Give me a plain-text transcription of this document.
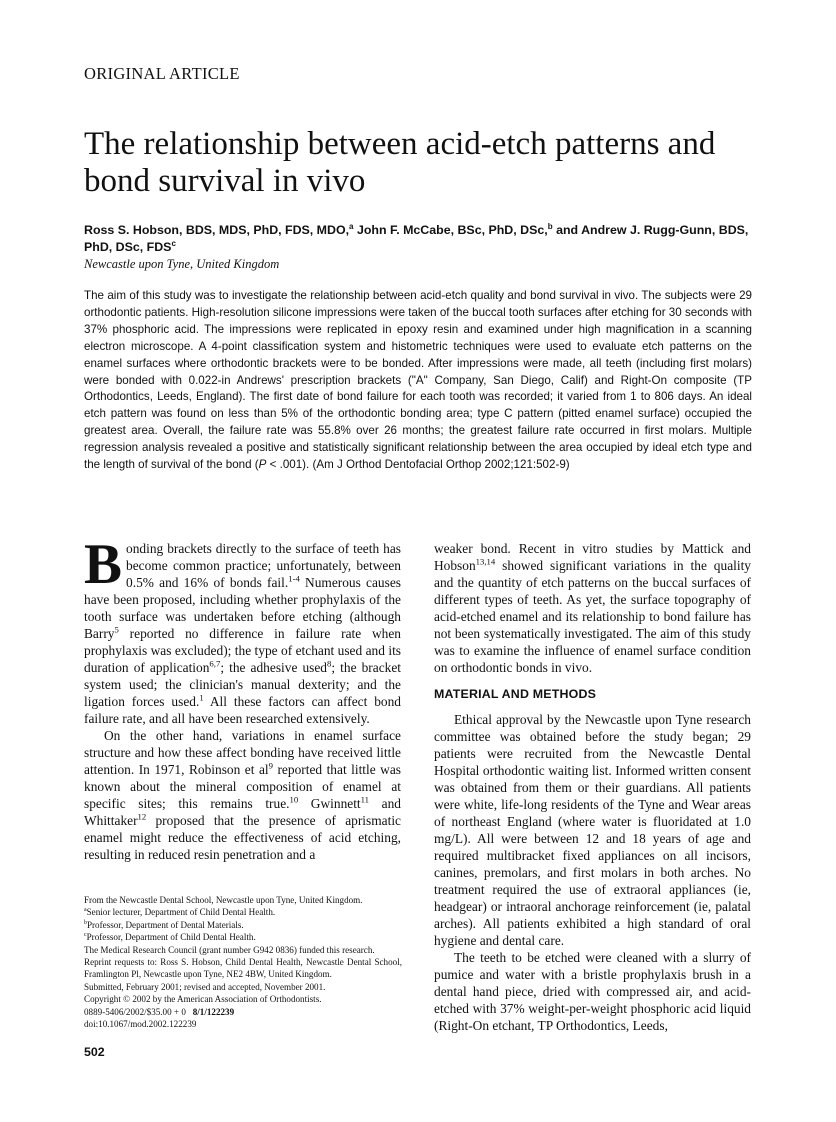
ORIGINAL ARTICLE
The relationship between acid-etch patterns and bond survival in vivo
Ross S. Hobson, BDS, MDS, PhD, FDS, MDO,$^a$ John F. McCabe, BSc, PhD, DSc,$^b$ and Andrew J. Rugg-Gunn, BDS, PhD, DSc, FDS$^c$
Newcastle upon Tyne, United Kingdom
The aim of this study was to investigate the relationship between acid-etch quality and bond survival in vivo. The subjects were 29 orthodontic patients. High-resolution silicone impressions were taken of the buccal tooth surfaces after etching for 30 seconds with 37% phosphoric acid. The impressions were replicated in epoxy resin and examined under high magnification in a scanning electron microscope. A 4-point classification system and histometric techniques were used to evaluate etch patterns on the enamel surfaces where orthodontic brackets were to be bonded. After impressions were made, all teeth (including first molars) were bonded with 0.022-in Andrews' prescription brackets ("A" Company, San Diego, Calif) and Right-On composite (TP Orthodontics, Leeds, England). The first date of bond failure for each tooth was recorded; it varied from 1 to 806 days. An ideal etch pattern was found on less than 5% of the orthodontic bonding area; type C pattern (pitted enamel surface) occupied the greatest area. Overall, the failure rate was 55.8% over 26 months; the greatest failure rate occurred in first molars. Multiple regression analysis revealed a positive and statistically significant relationship between the area occupied by ideal etch type and the length of survival of the bond (P < .001). (Am J Orthod Dentofacial Orthop 2002;121:502-9)

Bonding brackets directly to the surface of teeth has become common practice; unfortunately, between 0.5% and 16% of bonds fail.$^{1-4}$ Numerous causes have been proposed, including whether prophylaxis of the tooth surface was undertaken before etching (although Barry$^5$ reported no difference in failure rate when prophylaxis was excluded); the type of etchant used and its duration of application$^{6,7}$; the adhesive used$^8$; the bracket system used; the clinician's manual dexterity; and the ligation forces used.$^1$ All these factors can affect bond failure rate, and all have been researched extensively.

On the other hand, variations in enamel surface structure and how these affect bonding have received little attention. In 1971, Robinson et $al^9$ reported that little was known about the mineral composition of enamel at specific sites; this remains true.$^{10}$ Gwinnett$^{11}$ and Whittaker$^{12}$ proposed that the presence of aprismatic enamel might reduce the effectiveness of acid etching, resulting in reduced resin penetration and a

weaker bond. Recent in vitro studies by Mattick and Hobson$^{13,14}$ showed significant variations in the quality and the quantity of etch patterns on the buccal surfaces of different types of teeth. As yet, the surface topography of acid-etched enamel and its relationship to bond failure has not been systematically investigated. The aim of this study was to examine the influence of enamel surface condition on orthodontic bonds in vivo.

MATERIAL AND METHODS

Ethical approval by the Newcastle upon Tyne research committee was obtained before the study began; 29 patients were recruited from the Newcastle Dental Hospital orthodontic waiting list. Informed written consent was obtained from them or their guardians. All patients were white, life-long residents of the Tyne and Wear areas of northeast England (where water is fluoridated at 1.0 mg/L). All were between 12 and 18 years of age and required multibracket fixed appliances on all incisors, canines, premolars, and first molars in both arches. No treatment required the use of extraoral appliances (ie, headgear) or intraoral anchorage reinforcement (ie, palatal arches). All patients exhibited a high standard of oral hygiene and dental care.

The teeth to be etched were cleaned with a slurry of pumice and water with a bristle prophylaxis brush in a dental hand piece, dried with compressed air, and acid-etched with 37% weight-per-weight phosphoric acid liquid (Right-On etchant, TP Orthodontics, Leeds,

From the Newcastle Dental School, Newcastle upon Tyne, United Kingdom.
$^a$Senior lecturer, Department of Child Dental Health.
$^b$Professor, Department of Dental Materials.
$^c$Professor, Department of Child Dental Health.
The Medical Research Council (grant number G942 0836) funded this research.
Reprint requests to: Ross S. Hobson, Child Dental Health, Newcastle Dental School, Framlington Pl, Newcastle upon Tyne, NE2 4BW, United Kingdom.
Submitted, February 2001; revised and accepted, November 2001.
Copyright © 2002 by the American Association of Orthodontists.
0889-5406/2002/$35.00 + 0 8/1/122239
doi:10.1067/mod.2002.122239
502
